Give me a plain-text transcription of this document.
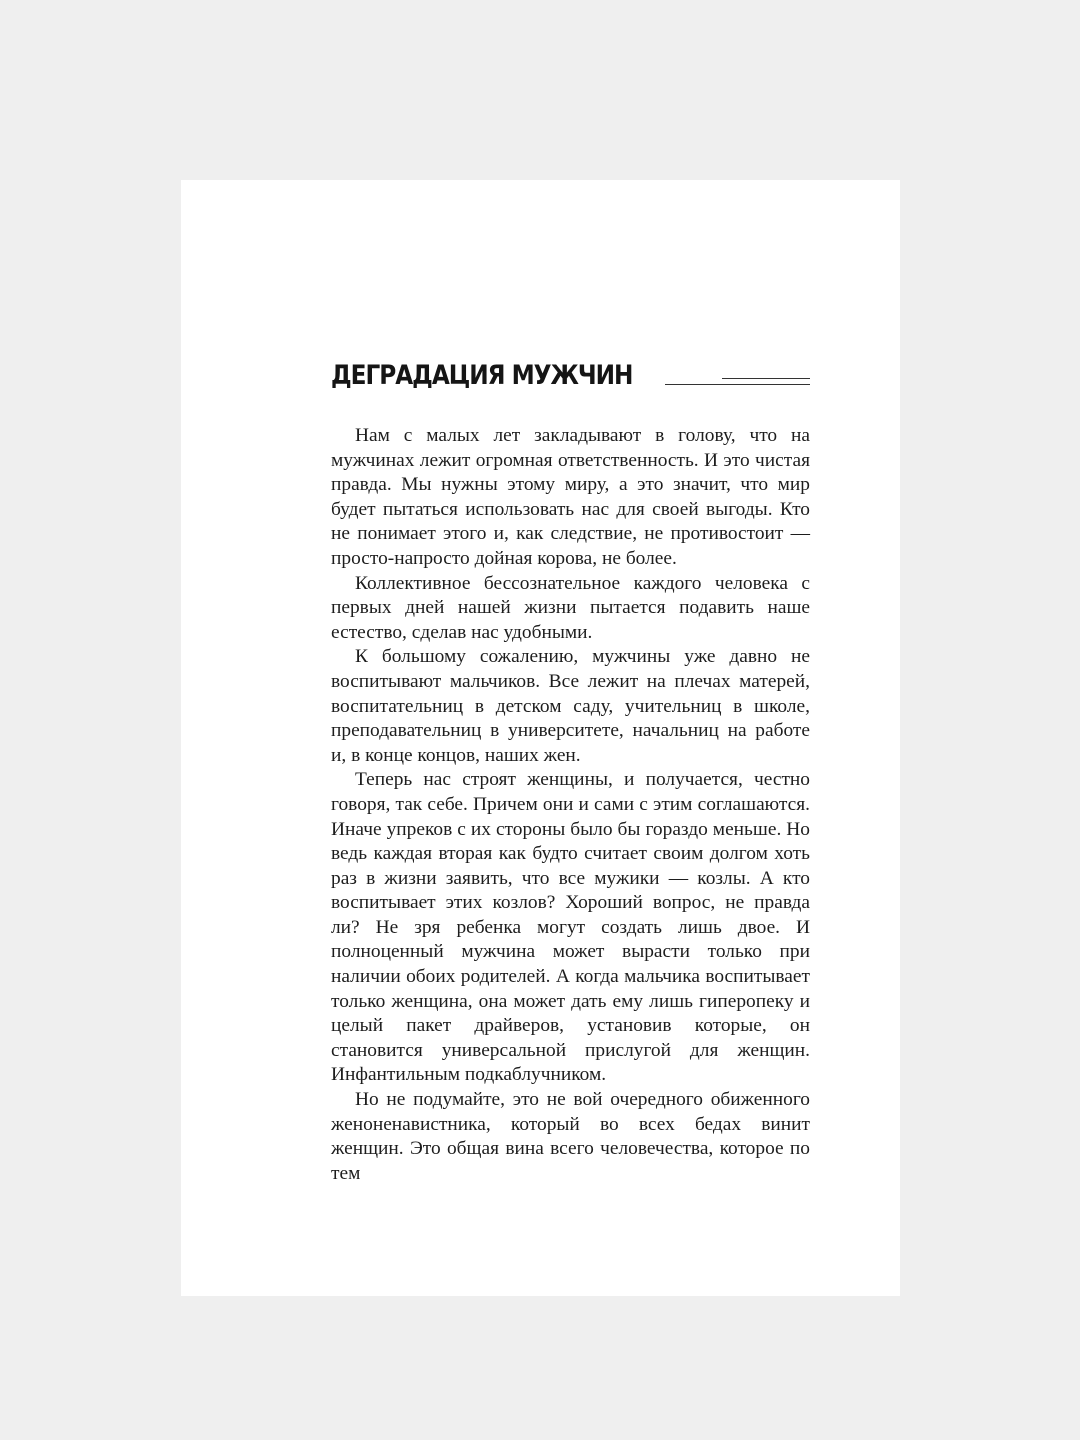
ДЕГРАДАЦИЯ МУЖЧИН

Нам с малых лет закладывают в голову, что на мужчинах лежит огромная ответственность. И это чистая правда. Мы нужны этому миру, а это значит, что мир будет пытаться использовать нас для своей выгоды. Кто не понимает этого и, как следствие, не противостоит — просто-напросто дойная корова, не более.

Коллективное бессознательное каждого человека с первых дней нашей жизни пытается подавить наше естество, сделав нас удобными.

К большому сожалению, мужчины уже давно не воспитывают мальчиков. Все лежит на плечах матерей, воспитательниц в детском саду, учительниц в школе, преподавательниц в университете, начальниц на работе и, в конце концов, наших жен.

Теперь нас строят женщины, и получается, честно говоря, так себе. Причем они и сами с этим соглашаются. Иначе упреков с их стороны было бы гораздо меньше. Но ведь каждая вторая как будто считает своим долгом хоть раз в жизни заявить, что все мужики — козлы. А кто воспитывает этих козлов? Хороший вопрос, не правда ли? Не зря ребенка могут создать лишь двое. И полноценный мужчина может вырасти только при наличии обоих родителей. А когда мальчика воспитывает только женщина, она может дать ему лишь гиперопеку и целый пакет драйверов, установив которые, он становится универсальной прислугой для женщин. Инфантильным подкаблучником.

Но не подумайте, это не вой очередного обиженного женоненавистника, который во всех бедах винит женщин. Это общая вина всего человечества, которое по тем
